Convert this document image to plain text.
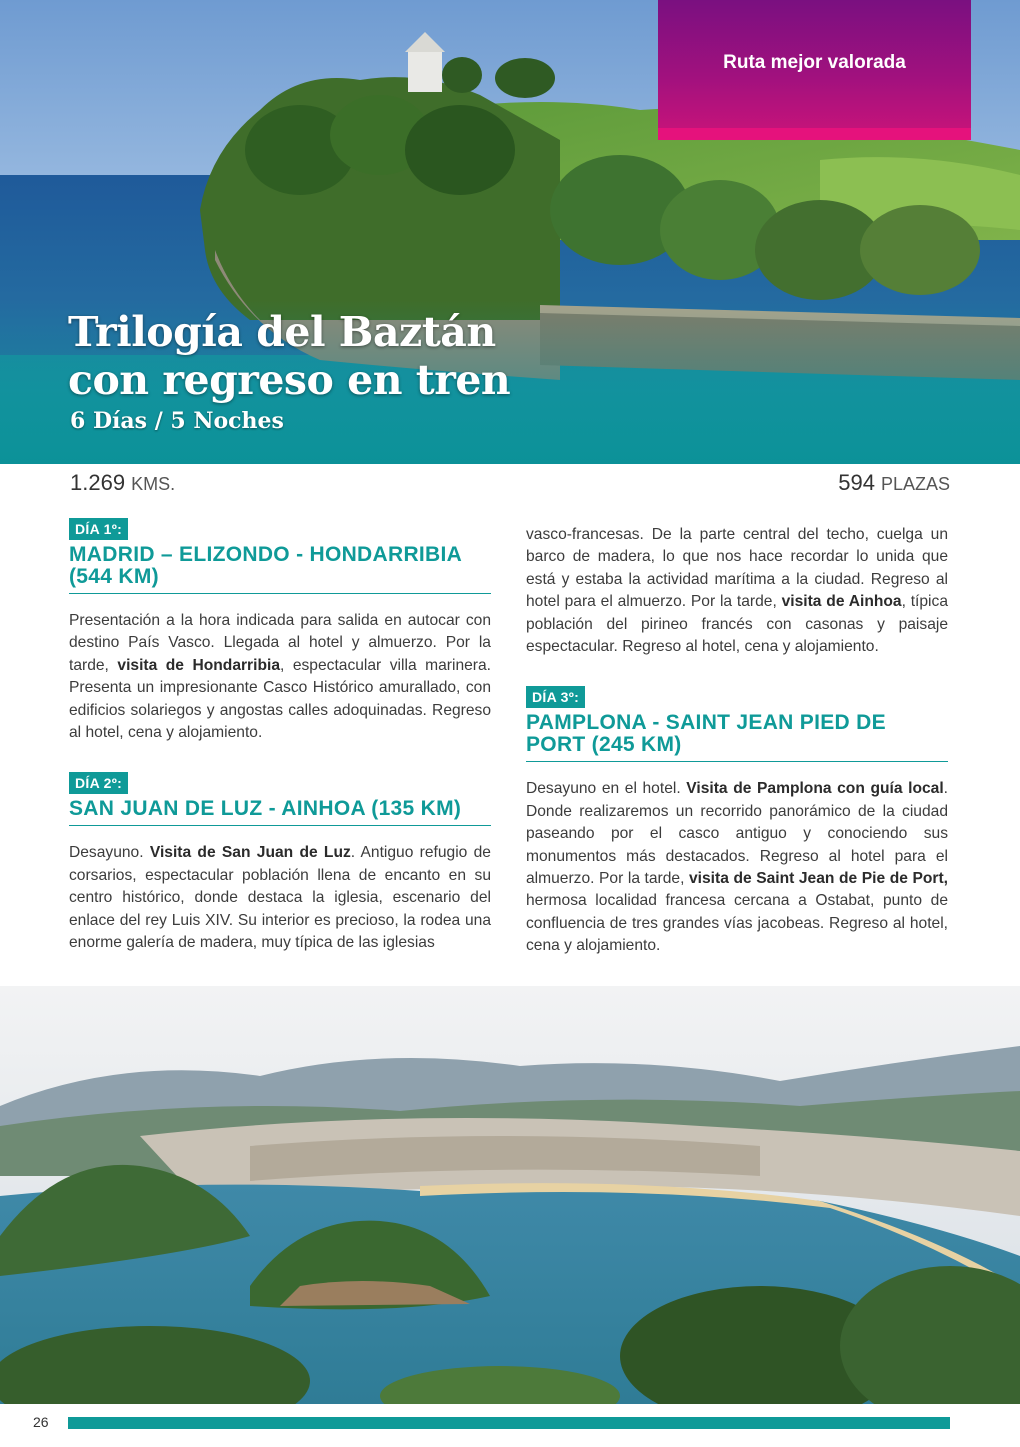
Ruta mejor valorada
Trilogía del Baztán
con regreso en tren

6 Días / 5 Noches

1.269 KMS.	594 PLAZAS
DÍA 1º:
MADRID – ELIZONDO - HONDARRIBIA (544 KM)

Presentación a la hora indicada para salida en autocar con destino País Vasco. Llegada al hotel y almuerzo. Por la tarde, visita de Hondarribia, espectacular villa marinera. Presenta un impresionante Casco Histórico amurallado, con edificios solariegos y angostas calles adoquinadas. Regreso al hotel, cena y alojamiento.

DÍA 2º:
SAN JUAN DE LUZ - AINHOA (135 KM)

Desayuno. Visita de San Juan de Luz. Antiguo refugio de corsarios, espectacular población llena de encanto en su centro histórico, donde destaca la iglesia, escenario del enlace del rey Luis XIV. Su interior es precioso, la rodea una enorme galería de madera, muy típica de las iglesias

vasco-francesas. De la parte central del techo, cuelga un barco de madera, lo que nos hace recordar lo unida que está y estaba la actividad marítima a la ciudad. Regreso al hotel para el almuerzo. Por la tarde, visita de Ainhoa, típica población del pirineo francés con casonas y paisaje espectacular. Regreso al hotel, cena y alojamiento.

DÍA 3º:
PAMPLONA - SAINT JEAN PIED DE PORT (245 KM)

Desayuno en el hotel. Visita de Pamplona con guía local. Donde realizaremos un recorrido panorámico de la ciudad paseando por el casco antiguo y conociendo sus monumentos más destacados. Regreso al hotel para el almuerzo. Por la tarde, visita de Saint Jean de Pie de Port, hermosa localidad francesa cercana a Ostabat, punto de confluencia de tres grandes vías jacobeas. Regreso al hotel, cena y alojamiento.

26
